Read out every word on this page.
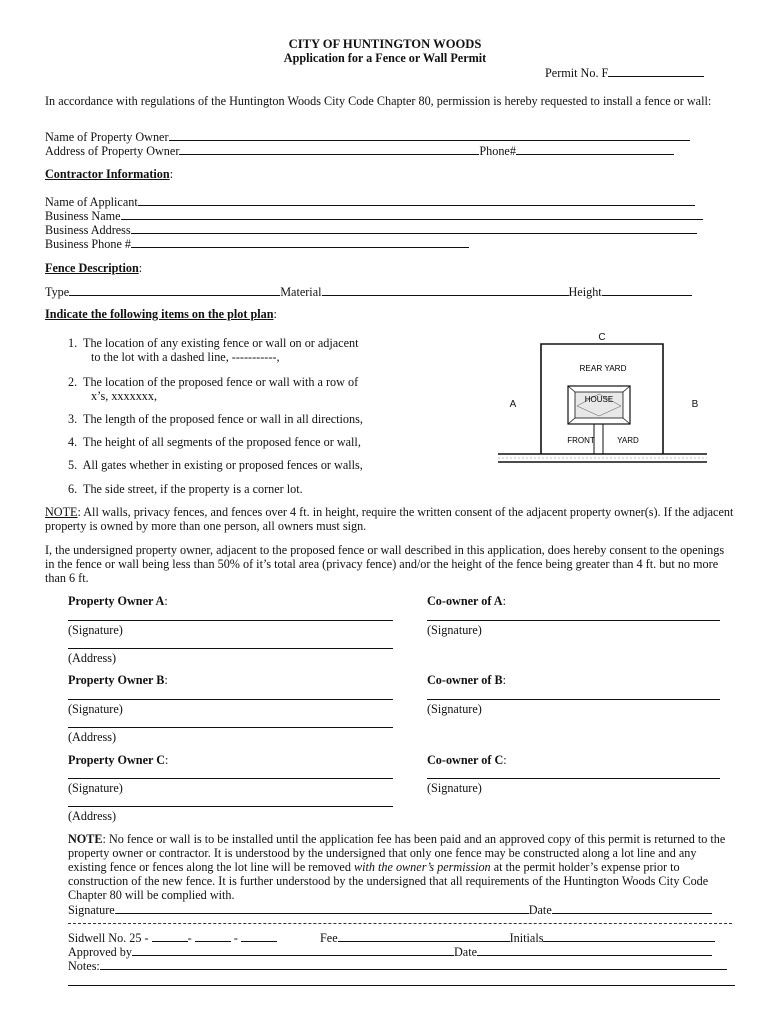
CITY OF HUNTINGTON WOODS
Application for a Fence or Wall Permit
Permit No. F
In accordance with regulations of the Huntington Woods City Code Chapter 80, permission is hereby requested to install a fence or wall:
Name of Property Owner
Address of Property Owner	Phone#
Contractor Information:
Name of Applicant
Business Name
Business Address
Business Phone #
Fence Description:
Type	Material	Height
Indicate the following items on the plot plan:
1. The location of any existing fence or wall on or adjacent
to the lot with a dashed line, -----------,
2. The location of the proposed fence or wall with a row of
x’s, xxxxxxx,
3. The length of the proposed fence or wall in all directions,
4. The height of all segments of the proposed fence or wall,
5. All gates whether in existing or proposed fences or walls,
6. The side street, if the property is a corner lot.
C
A	B
REAR YARD
HOUSE
FRONT	YARD
NOTE: All walls, privacy fences, and fences over 4 ft. in height, require the written consent of the adjacent property owner(s). If the adjacent property is owned by more than one person, all owners must sign.
I, the undersigned property owner, adjacent to the proposed fence or wall described in this application, does hereby consent to the openings in the fence or wall being less than 50% of it’s total area (privacy fence) and/or the height of the fence being greater than 4 ft. but no more than 6 ft.
Property Owner A:	Co-owner of A:
(Signature)	(Signature)
(Address)
Property Owner B:	Co-owner of B:
(Signature)	(Signature)
(Address)
Property Owner C:	Co-owner of C:
(Signature)	(Signature)
(Address)
NOTE: No fence or wall is to be installed until the application fee has been paid and an approved copy of this permit is returned to the property owner or contractor. It is understood by the undersigned that only one fence may be constructed along a lot line and any existing fence or fences along the lot line will be removed with the owner’s permission at the permit holder’s expense prior to construction of the new fence. It is further understood by the undersigned that all requirements of the Huntington Woods City Code Chapter 80 will be complied with.
Signature	Date
Sidwell No. 25 -	-	-	Fee	Initials
Approved by	Date
Notes:
